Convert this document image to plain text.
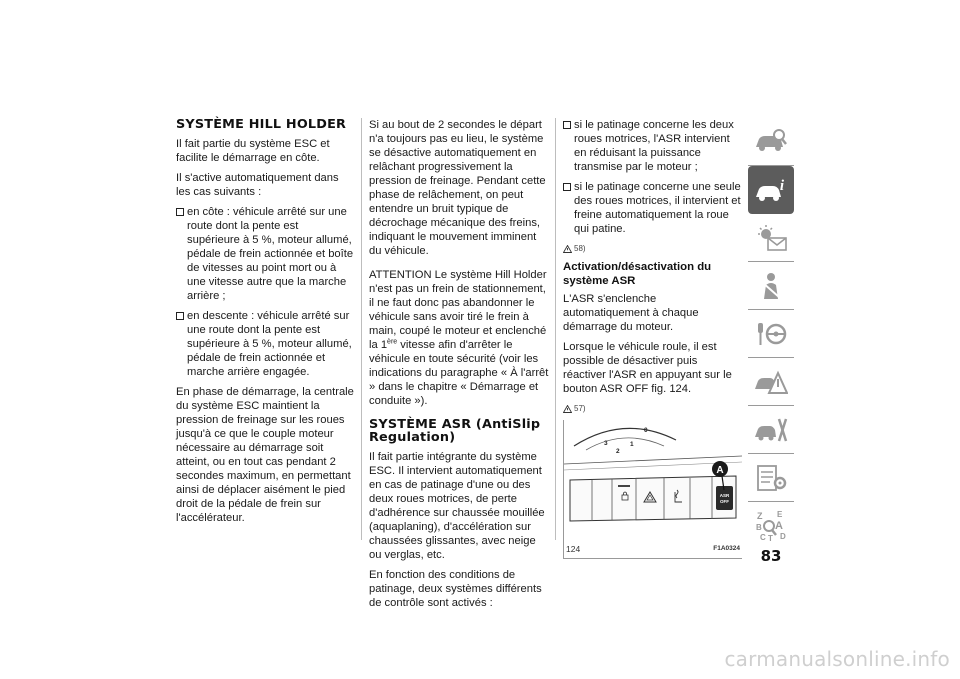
SYSTÈME HILL HOLDER

Il fait partie du système ESC et facilite le démarrage en côte.

Il s'active automatiquement dans les cas suivants :

en côte : véhicule arrêté sur une route dont la pente est supérieure à 5 %, moteur allumé, pédale de frein actionnée et boîte de vitesses au point mort ou à une vitesse autre que la marche arrière ;
en descente : véhicule arrêté sur une route dont la pente est supérieure à 5 %, moteur allumé, pédale de frein actionnée et marche arrière engagée.

En phase de démarrage, la centrale du système ESC maintient la pression de freinage sur les roues jusqu'à ce que le couple moteur nécessaire au démarrage soit atteint, ou en tout cas pendant 2 secondes maximum, en permettant ainsi de déplacer aisément le pied droit de la pédale de frein sur l'accélérateur.

Si au bout de 2 secondes le départ n'a toujours pas eu lieu, le système se désactive automatiquement en relâchant progressivement la pression de freinage. Pendant cette phase de relâchement, on peut entendre un bruit typique de décrochage mécanique des freins, indiquant le mouvement imminent du véhicule.

ATTENTION Le système Hill Holder n'est pas un frein de stationnement, il ne faut donc pas abandonner le véhicule sans avoir tiré le frein à main, coupé le moteur et enclenché la 1ère vitesse afin d'arrêter le véhicule en toute sécurité (voir les indications du paragraphe « À l'arrêt » dans le chapitre « Démarrage et conduite »).

SYSTÈME ASR (AntiSlip Regulation)

Il fait partie intégrante du système ESC. Il intervient automatiquement en cas de patinage d'une ou des deux roues motrices, de perte d'adhérence sur chaussée mouillée (aquaplaning), d'accélération sur chaussées glissantes, avec neige ou verglas, etc.

En fonction des conditions de patinage, deux systèmes différents de contrôle sont activés :

si le patinage concerne les deux roues motrices, l'ASR intervient en réduisant la puissance transmise par le moteur ;
si le patinage concerne une seule des roues motrices, il intervient et freine automatiquement la roue qui patine.
58)
Activation/désactivation du système ASR

L'ASR s'enclenche automatiquement à chaque démarrage du moteur.

Lorsque le véhicule roule, il est possible de désactiver puis réactiver l'ASR en appuyant sur le bouton ASR OFF fig. 124.

57)
3
2
1
0
ASR
OFF
A
124	F1A0324
i
Z E
B A
C T D
83
carmanualsonline.info
